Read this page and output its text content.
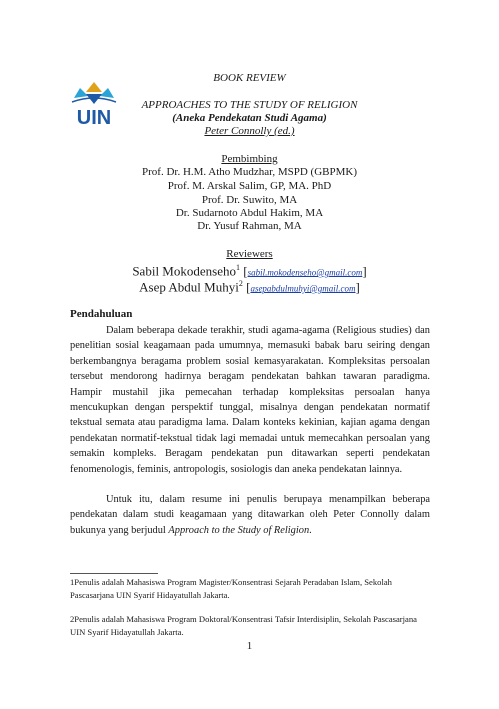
UIN
BOOK REVIEW
APPROACHES TO THE STUDY OF RELIGION
(Aneka Pendekatan Studi Agama)
Peter Connolly (ed.)
Pembimbing
Prof. Dr. H.M. Atho Mudzhar, MSPD (GBPMK)
Prof. M. Arskal Salim, GP, MA. PhD
Prof. Dr. Suwito, MA
Dr. Sudarnoto Abdul Hakim, MA
Dr. Yusuf Rahman, MA
Reviewers
Sabil Mokodenseho$^1$ [sabil.mokodenseho@gmail.com]
Asep Abdul Muhyi$^2$ [asepabdulmuhyi@gmail.com]
Pendahuluan
Dalam beberapa dekade terakhir, studi agama-agama (Religious studies) dan penelitian sosial keagamaan pada umumnya, memasuki babak baru seiring dengan berkembangnya beragama problem sosial kemasyarakatan. Kompleksitas persoalan tersebut mendorong hadirnya beragam pendekatan bahkan tawaran paradigma. Hampir mustahil jika pemecahan terhadap kompleksitas persoalan hanya mencukupkan dengan perspektif tunggal, misalnya dengan pendekatan normatif tekstual semata atau paradigma lama. Dalam konteks kekinian, kajian agama dengan pendekatan normatif-tekstual tidak lagi memadai untuk memecahkan persoalan yang semakin kompleks. Beragam pendekatan pun ditawarkan seperti pendekatan fenomenologis, feminis, antropologis, sosiologis dan aneka pendekatan lainnya.
Untuk itu, dalam resume ini penulis berupaya menampilkan beberapa pendekatan dalam studi keagamaan yang ditawarkan oleh Peter Connolly dalam bukunya yang berjudul Approach to the Study of Religion.
1Penulis adalah Mahasiswa Program Magister/Konsentrasi Sejarah Peradaban Islam, Sekolah Pascasarjana UIN Syarif Hidayatullah Jakarta.
2Penulis adalah Mahasiswa Program Doktoral/Konsentrasi Tafsir Interdisiplin, Sekolah Pascasarjana UIN Syarif Hidayatullah Jakarta.
1
